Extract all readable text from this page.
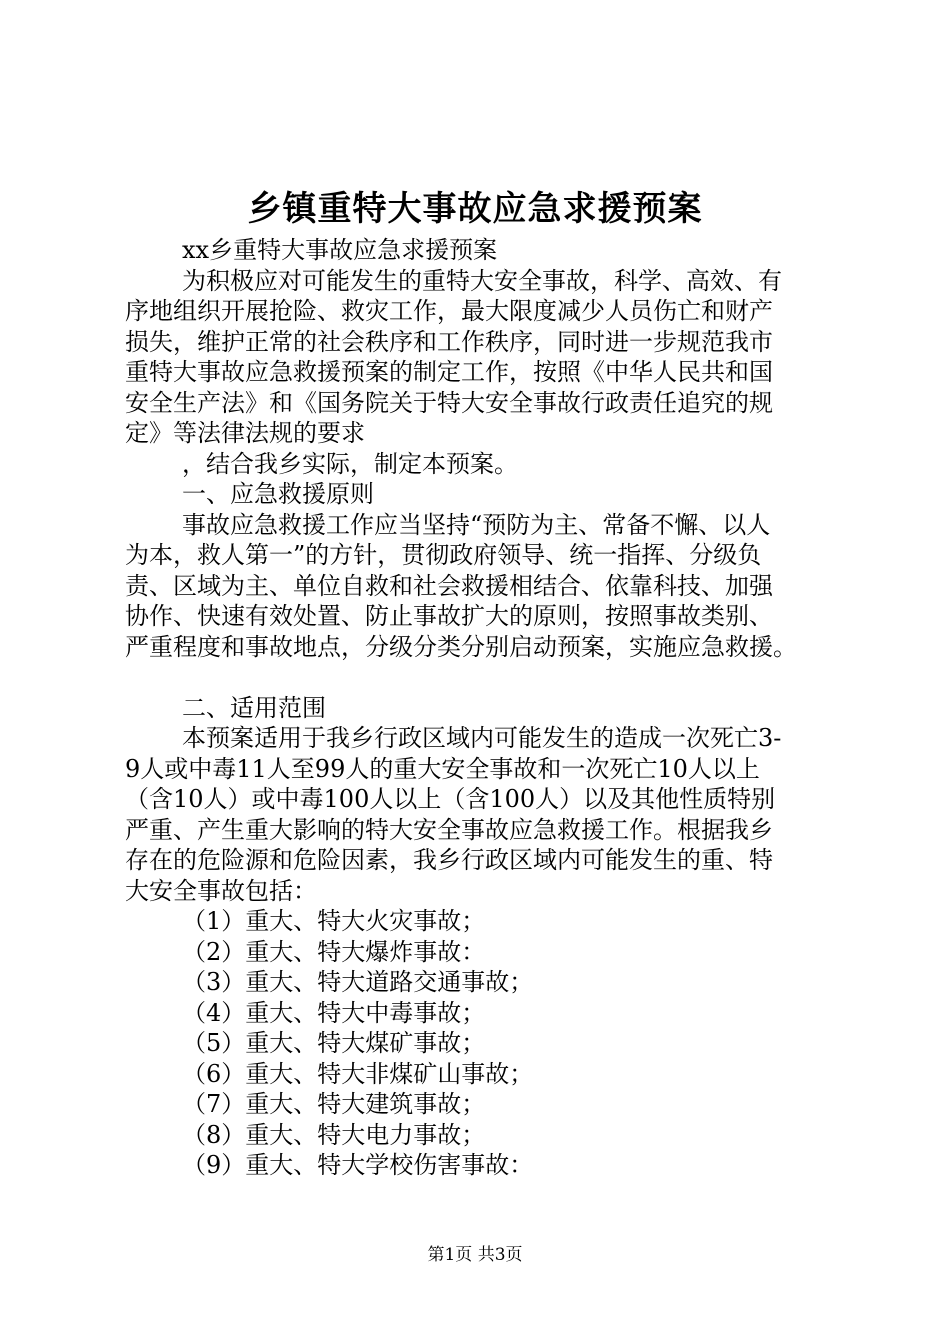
乡镇重特大事故应急求援预案
xx乡重特大事故应急求援预案
为积极应对可能发生的重特大安全事故，科学、高效、有
序地组织开展抢险、救灾工作，最大限度减少人员伤亡和财产
损失，维护正常的社会秩序和工作秩序，同时进一步规范我市
重特大事故应急救援预案的制定工作，按照《中华人民共和国
安全生产法》和《国务院关于特大安全事故行政责任追究的规
定》等法律法规的要求
，结合我乡实际，制定本预案。
一、应急救援原则
事故应急救援工作应当坚持“预防为主、常备不懈、以人
为本，救人第一”的方针，贯彻政府领导、统一指挥、分级负
责、区域为主、单位自救和社会救援相结合、依靠科技、加强
协作、快速有效处置、防止事故扩大的原则，按照事故类别、
严重程度和事故地点，分级分类分别启动预案，实施应急救援。
二、适用范围
本预案适用于我乡行政区域内可能发生的造成一次死亡3-
9人或中毒11人至99人的重大安全事故和一次死亡10人以上
（含10人）或中毒100人以上（含100人）以及其他性质特别
严重、产生重大影响的特大安全事故应急救援工作。根据我乡
存在的危险源和危险因素，我乡行政区域内可能发生的重、特
大安全事故包括：
（1）重大、特大火灾事故；
（2）重大、特大爆炸事故：
（3）重大、特大道路交通事故；
（4）重大、特大中毒事故；
（5）重大、特大煤矿事故；
（6）重大、特大非煤矿山事故；
（7）重大、特大建筑事故；
（8）重大、特大电力事故；
（9）重大、特大学校伤害事故：
第1页 共3页
